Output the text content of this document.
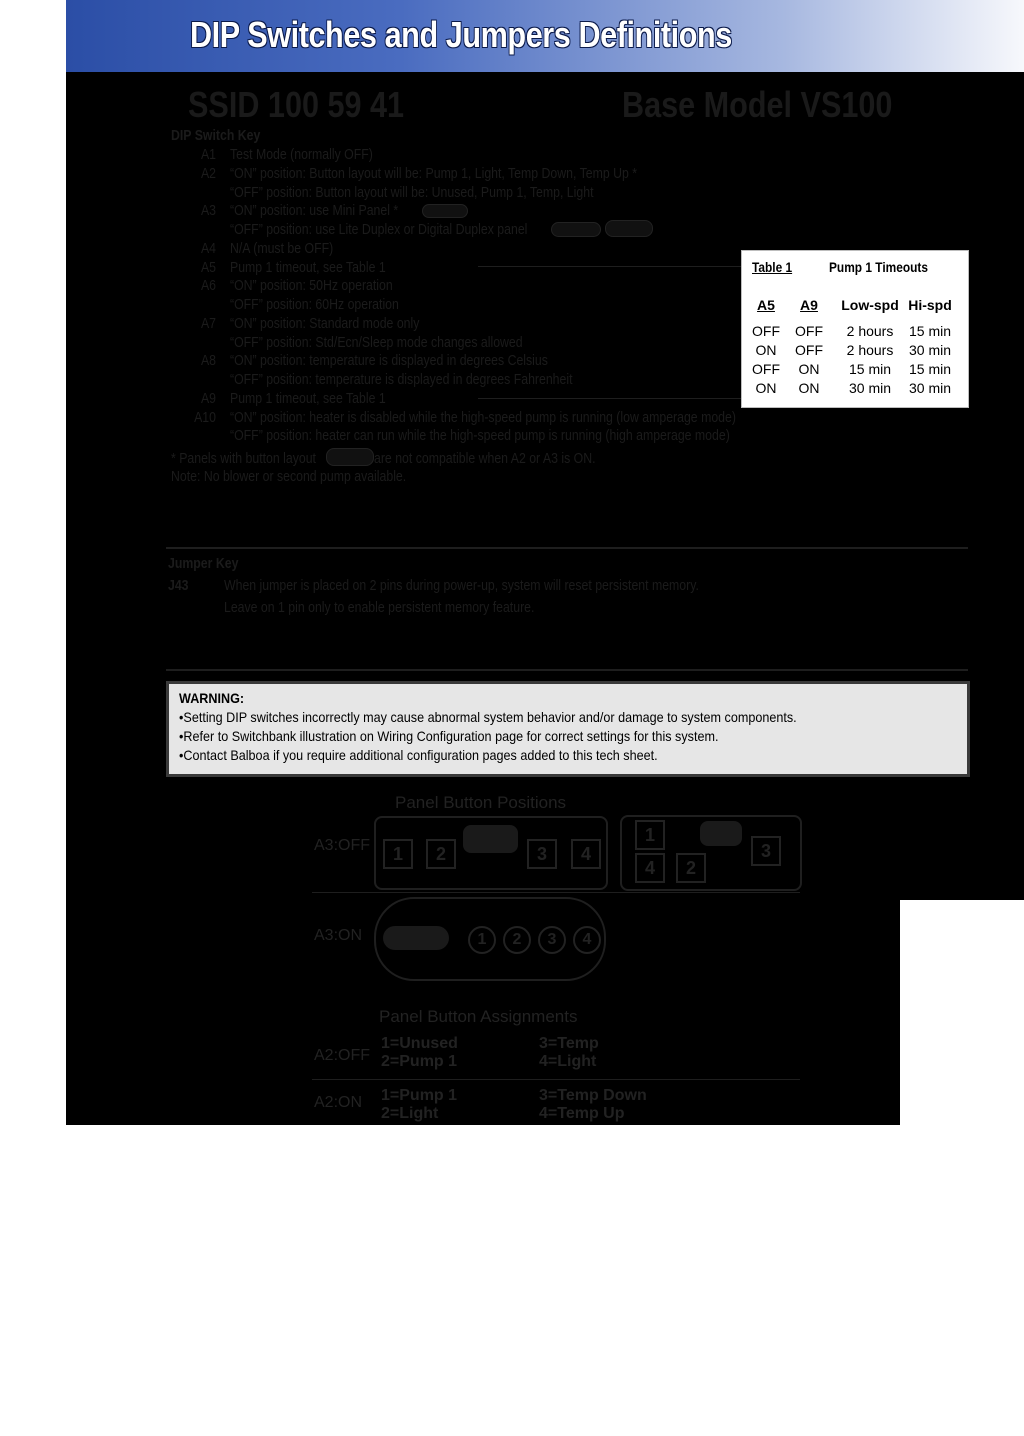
DIP Switches and Jumpers Definitions
SSID 100 59 41	Base Model VS100
DIP Switch Key
A1 Test Mode (normally OFF)
A2 “ON” position: Button layout will be: Pump 1, Light, Temp Down, Temp Up *
“OFF” position: Button layout will be: Unused, Pump 1, Temp, Light
A3 “ON” position: use Mini Panel *
“OFF” position: use Lite Duplex or Digital Duplex panel
A4 N/A (must be OFF)
A5 Pump 1 timeout, see Table 1
A6 “ON” position: 50Hz operation
“OFF” position: 60Hz operation
A7 “ON” position: Standard mode only
“OFF” position: Std/Ecn/Sleep mode changes allowed
A8 “ON” position: temperature is displayed in degrees Celsius
“OFF” position: temperature is displayed in degrees Fahrenheit
A9 Pump 1 timeout, see Table 1
A10 “ON” position: heater is disabled while the high-speed pump is running (low amperage mode)
“OFF” position: heater can run while the high-speed pump is running (high amperage mode)
* Panels with button layout	are not compatible when A2 or A3 is ON.
Note: No blower or second pump available.
Table 1	Pump 1 Timeouts
A5	A9	Low-spd Hi-spd
OFF	OFF	2 hours	15 min
ON	OFF	2 hours	30 min
OFF	ON	15 min	15 min
ON	ON	30 min	30 min
Jumper Key
J43 When jumper is placed on 2 pins during power-up, system will reset persistent memory.
Leave on 1 pin only to enable persistent memory feature.
WARNING:
•Setting DIP switches incorrectly may cause abnormal system behavior and/or damage to system components.
•Refer to Switchbank illustration on Wiring Configuration page for correct settings for this system.
•Contact Balboa if you require additional configuration pages added to this tech sheet.
Panel Button Positions
A3:OFF	1	2	3	4
1
4	2
3
A3:ON	1	2	3	4
Panel Button Assignments
A2:OFF
1=Unused
2=Pump 1
3=Temp
4=Light
A2:ON 1=Pump 1
2=Light
3=Temp Down
4=Temp Up
